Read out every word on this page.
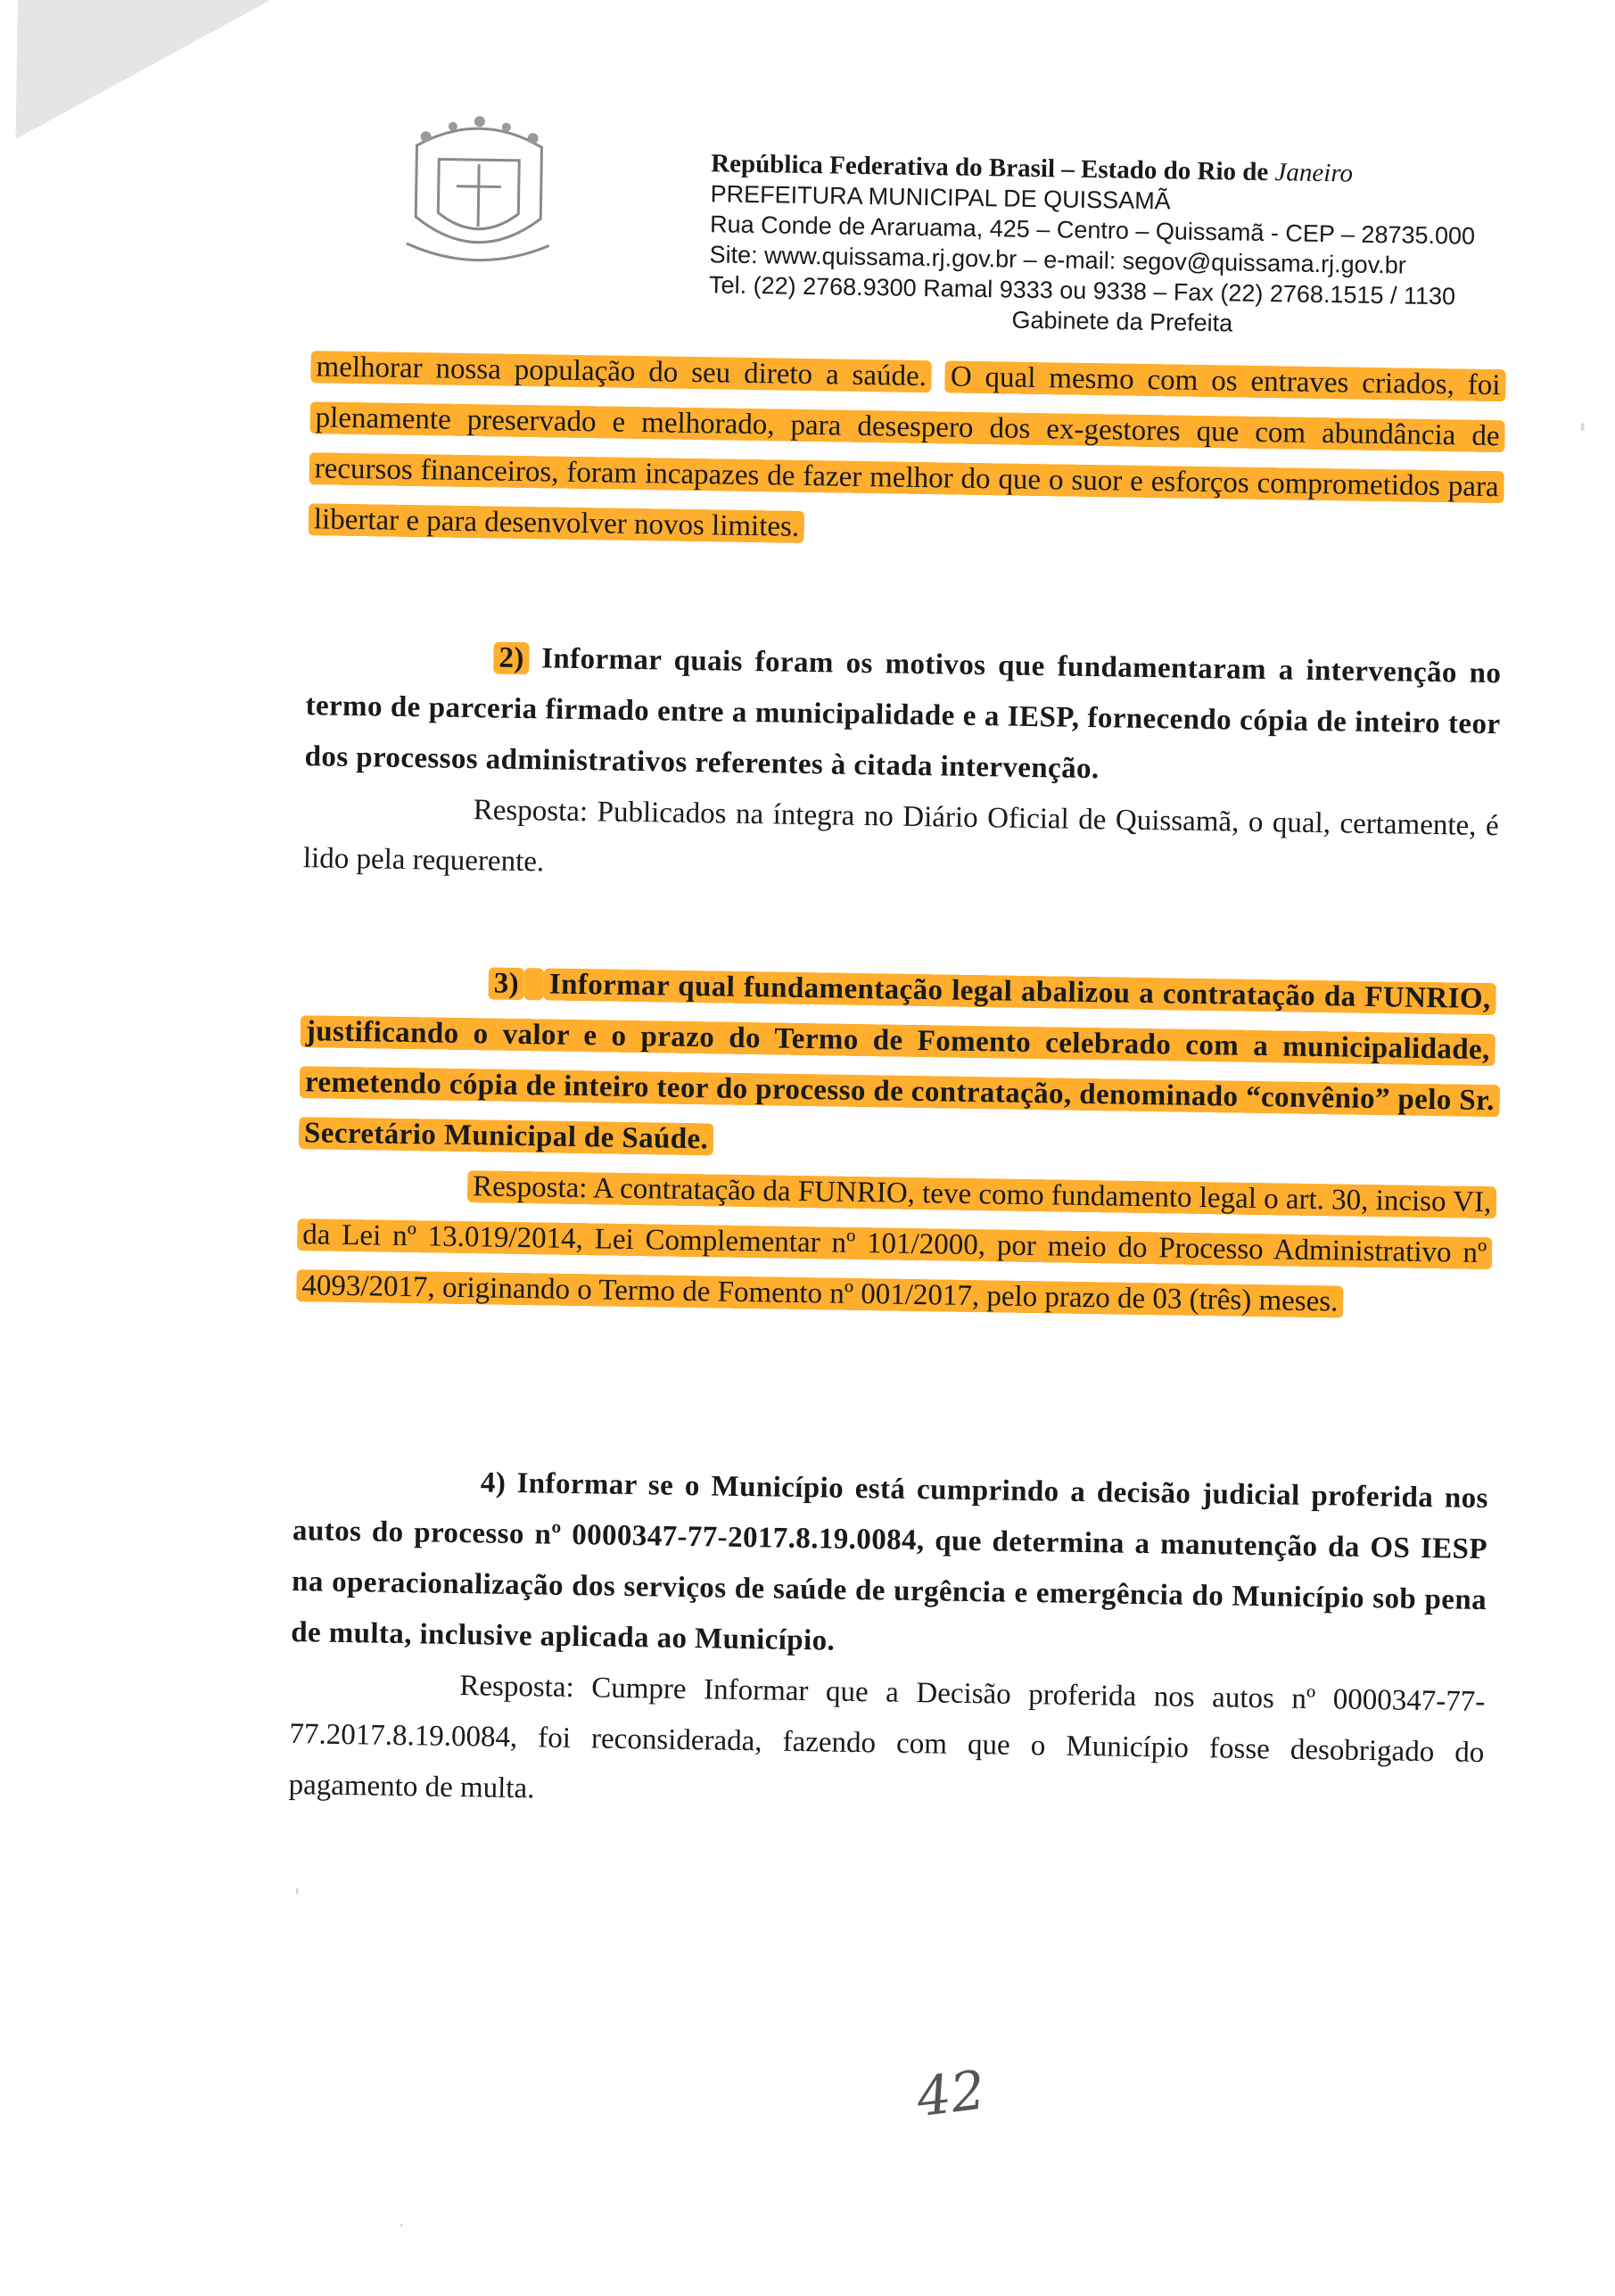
República Federativa do Brasil – Estado do Rio de Janeiro
PREFEITURA MUNICIPAL DE QUISSAMÃ
Rua Conde de Araruama, 425 – Centro – Quissamã - CEP – 28735.000
Site: www.quissama.rj.gov.br – e-mail: segov@quissama.rj.gov.br
Tel. (22) 2768.9300 Ramal 9333 ou 9338 – Fax (22) 2768.1515 / 1130
Gabinete da Prefeita
melhorar nossa população do seu direto a saúde. O qual mesmo com os entraves criados, foi plenamente preservado e melhorado, para desespero dos ex-gestores que com abundância de recursos financeiros, foram incapazes de fazer melhor do que o suor e esforços comprometidos para libertar e para desenvolver novos limites.
2) Informar quais foram os motivos que fundamentaram a intervenção no termo de parceria firmado entre a municipalidade e a IESP, fornecendo cópia de inteiro teor dos processos administrativos referentes à citada intervenção.
Resposta: Publicados na íntegra no Diário Oficial de Quissamã, o qual, certamente, é lido pela requerente.
3) Informar qual fundamentação legal abalizou a contratação da FUNRIO, justificando o valor e o prazo do Termo de Fomento celebrado com a municipalidade, remetendo cópia de inteiro teor do processo de contratação, denominado “convênio” pelo Sr. Secretário Municipal de Saúde.
Resposta: A contratação da FUNRIO, teve como fundamento legal o art. 30, inciso VI, da Lei nº 13.019/2014, Lei Complementar nº 101/2000, por meio do Processo Administrativo nº 4093/2017, originando o Termo de Fomento nº 001/2017, pelo prazo de 03 (três) meses.
4) Informar se o Município está cumprindo a decisão judicial proferida nos autos do processo nº 0000347-77-2017.8.19.0084, que determina a manutenção da OS IESP na operacionalização dos serviços de saúde de urgência e emergência do Município sob pena de multa, inclusive aplicada ao Município.
Resposta: Cumpre Informar que a Decisão proferida nos autos nº 0000347-77-77.2017.8.19.0084, foi reconsiderada, fazendo com que o Município fosse desobrigado do pagamento de multa.
42
